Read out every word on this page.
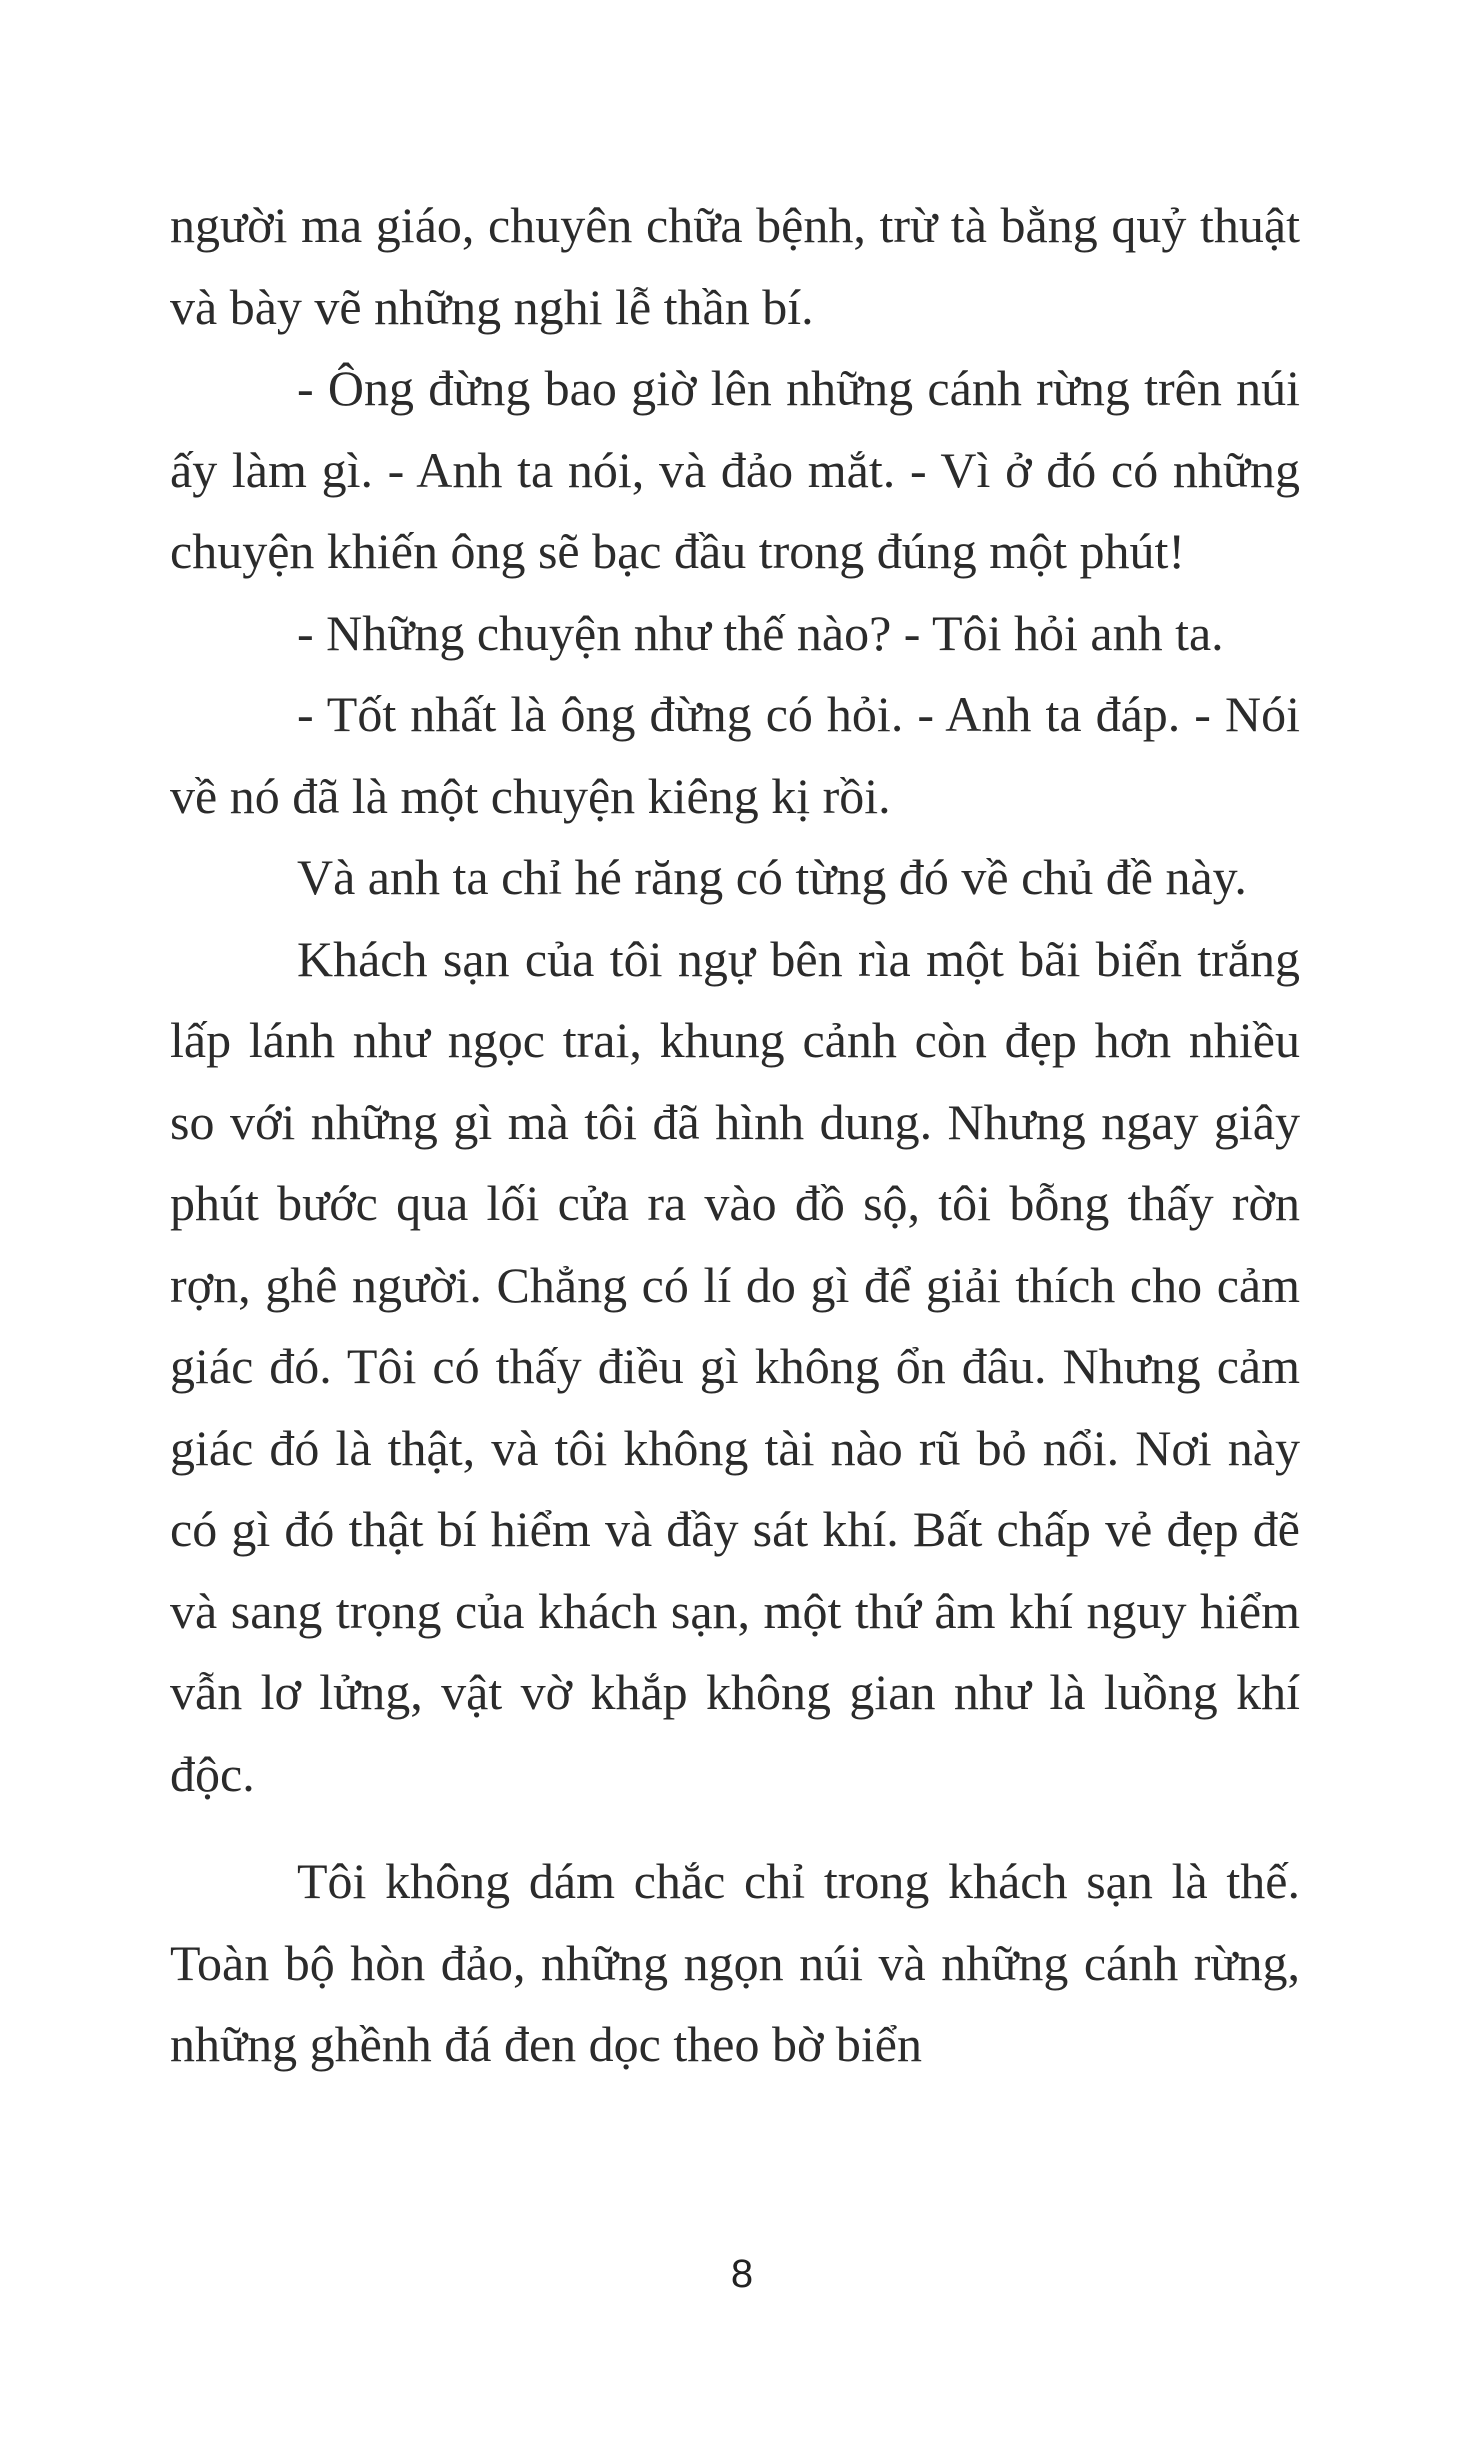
người ma giáo, chuyên chữa bệnh, trừ tà bằng quỷ thuật và bày vẽ những nghi lễ thần bí.

- Ông đừng bao giờ lên những cánh rừng trên núi ấy làm gì. - Anh ta nói, và đảo mắt. - Vì ở đó có những chuyện khiến ông sẽ bạc đầu trong đúng một phút!

- Những chuyện như thế nào? - Tôi hỏi anh ta.

- Tốt nhất là ông đừng có hỏi. - Anh ta đáp. - Nói về nó đã là một chuyện kiêng kị rồi.

Và anh ta chỉ hé răng có từng đó về chủ đề này.

Khách sạn của tôi ngự bên rìa một bãi biển trắng lấp lánh như ngọc trai, khung cảnh còn đẹp hơn nhiều so với những gì mà tôi đã hình dung. Nhưng ngay giây phút bước qua lối cửa ra vào đồ sộ, tôi bỗng thấy rờn rợn, ghê người. Chẳng có lí do gì để giải thích cho cảm giác đó. Tôi có thấy điều gì không ổn đâu. Nhưng cảm giác đó là thật, và tôi không tài nào rũ bỏ nổi. Nơi này có gì đó thật bí hiểm và đầy sát khí. Bất chấp vẻ đẹp đẽ và sang trọng của khách sạn, một thứ âm khí nguy hiểm vẫn lơ lửng, vật vờ khắp không gian như là luồng khí độc.

Tôi không dám chắc chỉ trong khách sạn là thế. Toàn bộ hòn đảo, những ngọn núi và những cánh rừng, những ghềnh đá đen dọc theo bờ biển

8
